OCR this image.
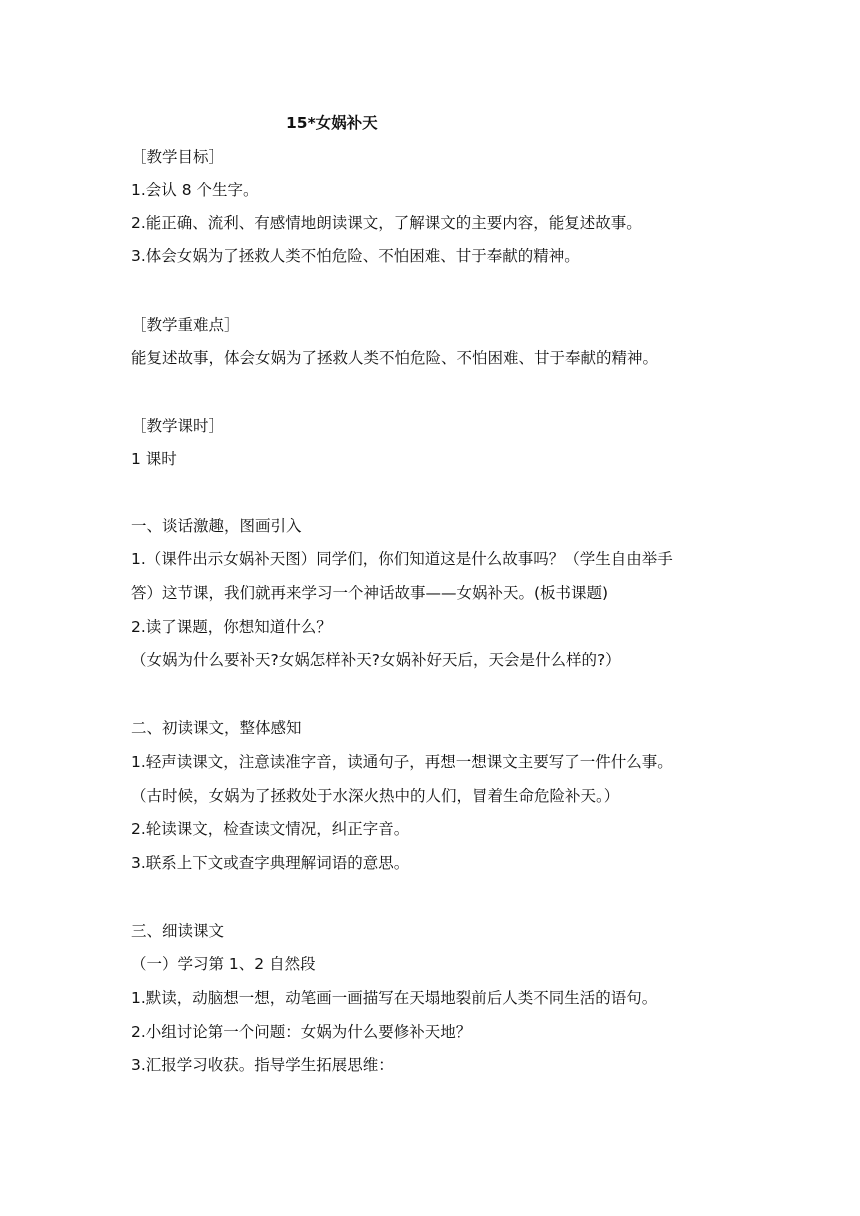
15*女娲补天
［教学目标］
1.会认 8 个生字。
2.能正确、流利、有感情地朗读课文，了解课文的主要内容，能复述故事。
3.体会女娲为了拯救人类不怕危险、不怕困难、甘于奉献的精神。
［教学重难点］
能复述故事，体会女娲为了拯救人类不怕危险、不怕困难、甘于奉献的精神。
［教学课时］
1 课时
一、谈话激趣，图画引入
1.（课件出示女娲补天图）同学们，你们知道这是什么故事吗？（学生自由举手
答）这节课，我们就再来学习一个神话故事——女娲补天。(板书课题)
2.读了课题，你想知道什么？
（女娲为什么要补天?女娲怎样补天?女娲补好天后，天会是什么样的?）
二、初读课文，整体感知
1.轻声读课文，注意读准字音，读通句子，再想一想课文主要写了一件什么事。
（古时候，女娲为了拯救处于水深火热中的人们，冒着生命危险补天。）
2.轮读课文，检查读文情况，纠正字音。
3.联系上下文或查字典理解词语的意思。
三、细读课文
（一）学习第 1、2 自然段
1.默读，动脑想一想，动笔画一画描写在天塌地裂前后人类不同生活的语句。
2.小组讨论第一个问题：女娲为什么要修补天地？
3.汇报学习收获。指导学生拓展思维：
